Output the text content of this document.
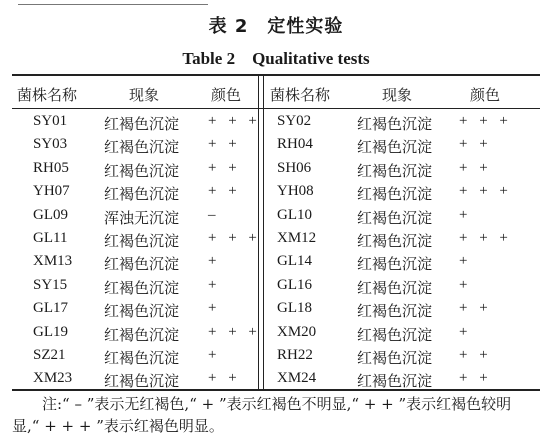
表 2　定性实验
Table 2　Qualitative tests
菌株名称	现象	颜色 菌株名称	现象	颜色
SY01 红褐色沉淀 + + + SY02	红褐色沉淀 + + +
SY03 红褐色沉淀 + + RH04	红褐色沉淀 + +
RH05 红褐色沉淀 + + SH06	红褐色沉淀 + +
YH07 红褐色沉淀 + + YH08	红褐色沉淀 + + +
GL09 浑浊无沉淀 –	GL10	红褐色沉淀 +
GL11 红褐色沉淀 + + + XM12	红褐色沉淀 + + +
XM13 红褐色沉淀 +	GL14	红褐色沉淀 +
SY15 红褐色沉淀 +	GL16	红褐色沉淀 +
GL17 红褐色沉淀 +	GL18	红褐色沉淀 + +
GL19 红褐色沉淀 + + + XM20	红褐色沉淀 +
SZ21	红褐色沉淀 +	RH22	红褐色沉淀 + +
XM23 红褐色沉淀 + + XM24	红褐色沉淀 + +
注:“ – ”表示无红褐色,“ + ”表示红褐色不明显,“ + + ”表示红褐色较明显,“ + + + ”表示红褐色明显。
